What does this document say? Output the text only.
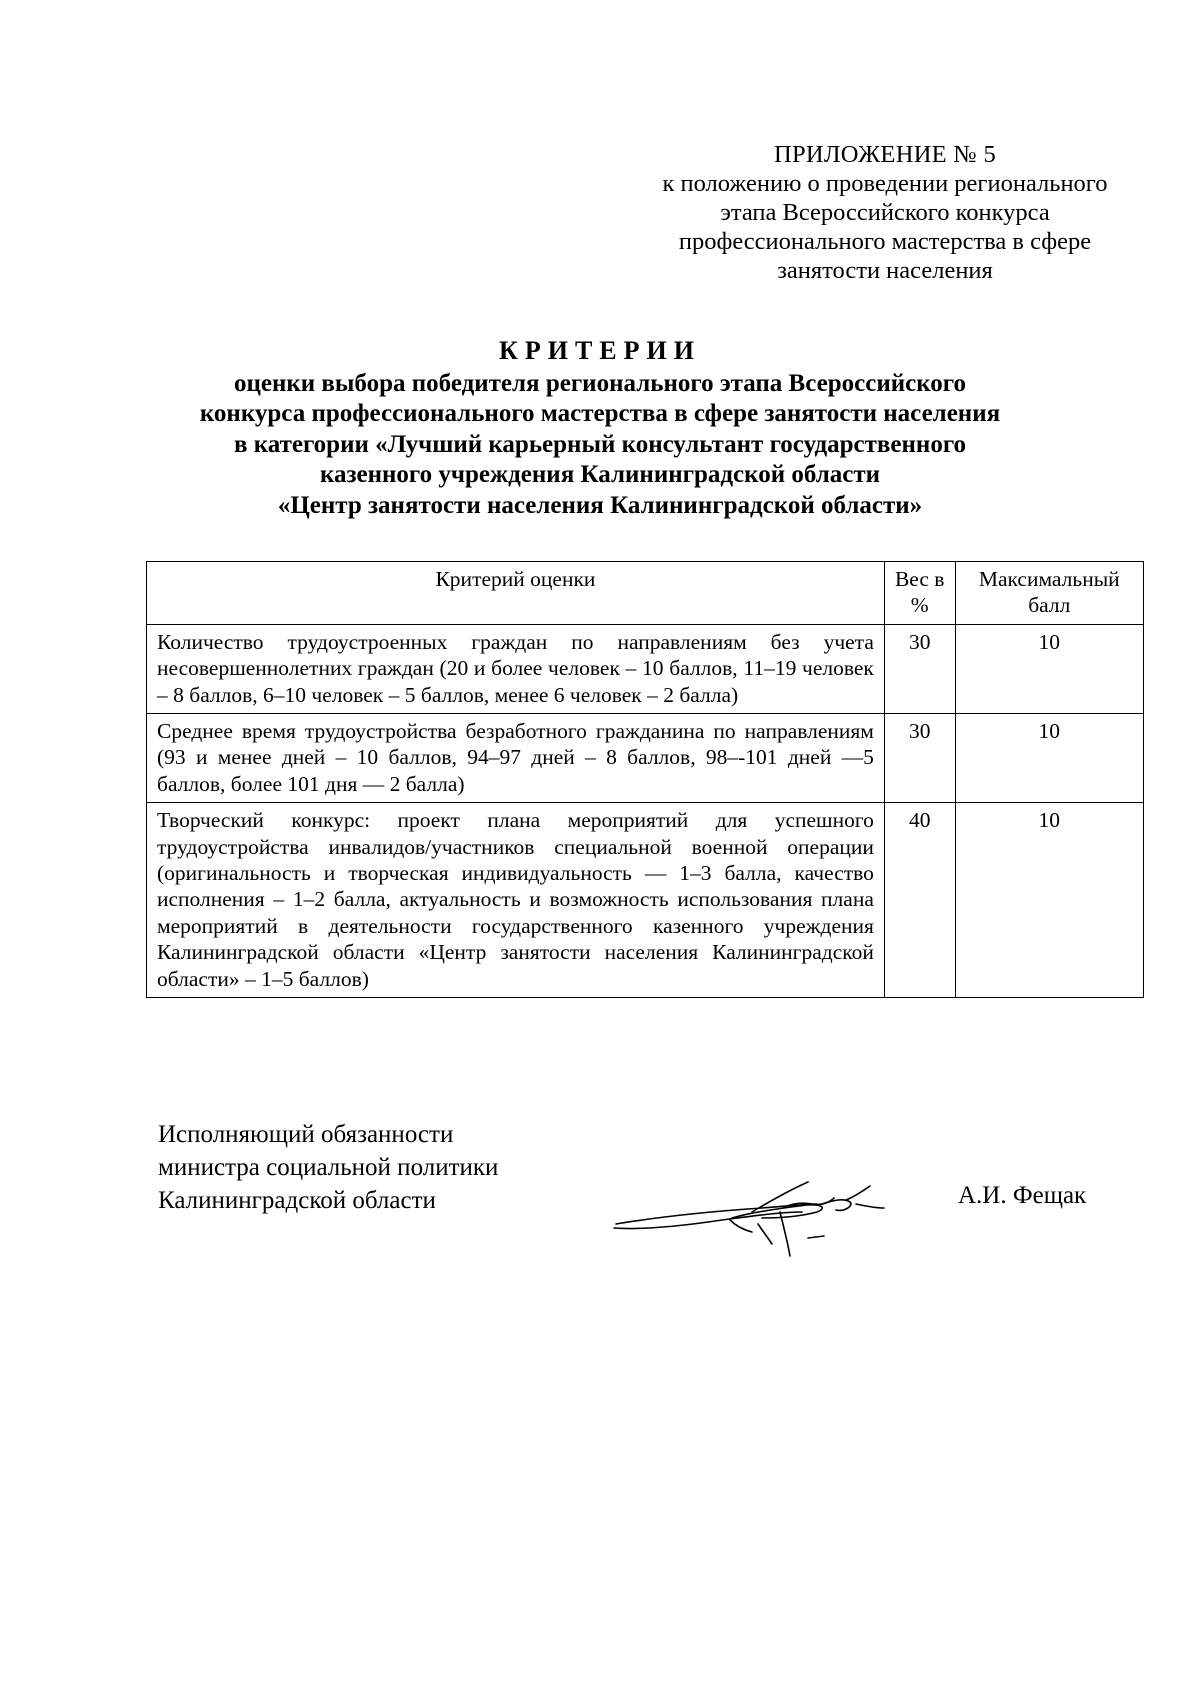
ПРИЛОЖЕНИЕ № 5
к положению о проведении регионального
этапа Всероссийского конкурса
профессионального мастерства в сфере
занятости населения
КРИТЕРИИ
оценки выбора победителя регионального этапа Всероссийского
конкурса профессионального мастерства в сфере занятости населения
в категории «Лучший карьерный консультант государственного
казенного учреждения Калининградской области
«Центр занятости населения Калининградской области»
Критерий оценки	Вес в %	Максимальный балл
Количество трудоустроенных граждан по направлениям без учета несовершеннолетних граждан (20 и более человек – 10 баллов, 11–19 человек – 8 баллов, 6–10 человек – 5 баллов, менее 6 человек – 2 балла)	30	10
Среднее время трудоустройства безработного гражданина по направлениям (93 и менее дней – 10 баллов, 94–97 дней – 8 баллов, 98–-101 дней —5 баллов, более 101 дня — 2 балла)	30	10
Творческий конкурс: проект плана мероприятий для успешного трудоустройства инвалидов/участников специальной военной операции (оригинальность и творческая индивидуальность — 1–3 балла, качество исполнения – 1–2 балла, актуальность и возможность использования плана мероприятий в деятельности государственного казенного учреждения Калининградской области «Центр занятости населения Калининградской области» – 1–5 баллов)	40	10
Исполняющий обязанности
министра социальной политики
Калининградской области	А.И. Фещак
